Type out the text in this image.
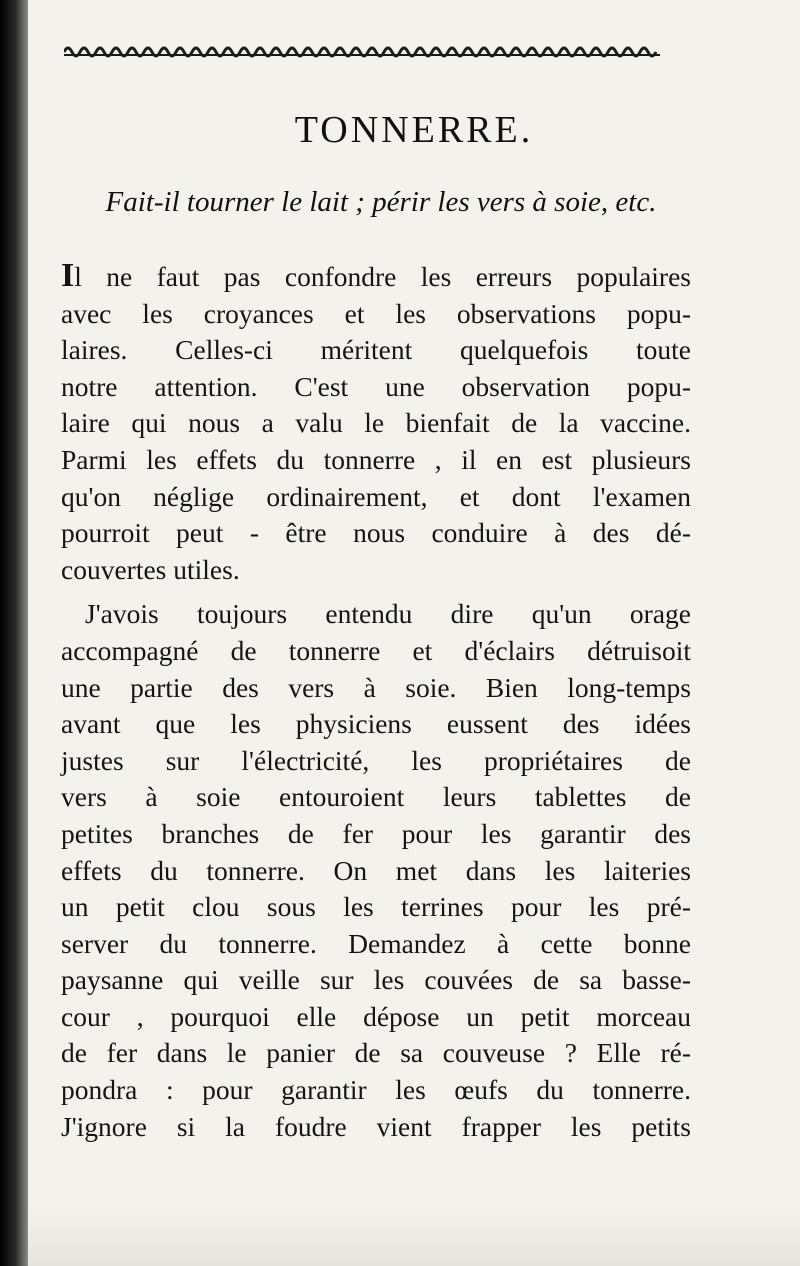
TONNERRE.
Fait-il tourner le lait ; périr les vers à soie, etc.
Il ne faut pas confondre les erreurs populaires
avec les croyances et les observations popu-
laires. Celles-ci méritent quelquefois toute
notre attention. C'est une observation popu-
laire qui nous a valu le bienfait de la vaccine.
Parmi les effets du tonnerre , il en est plusieurs
qu'on néglige ordinairement, et dont l'examen
pourroit peut - être nous conduire à des dé-
couvertes utiles.
J'avois toujours entendu dire qu'un orage
accompagné de tonnerre et d'éclairs détruisoit
une partie des vers à soie. Bien long-temps
avant que les physiciens eussent des idées
justes sur l'électricité, les propriétaires de
vers à soie entouroient leurs tablettes de
petites branches de fer pour les garantir des
effets du tonnerre. On met dans les laiteries
un petit clou sous les terrines pour les pré-
server du tonnerre. Demandez à cette bonne
paysanne qui veille sur les couvées de sa basse-
cour , pourquoi elle dépose un petit morceau
de fer dans le panier de sa couveuse ? Elle ré-
pondra : pour garantir les œufs du tonnerre.
J'ignore si la foudre vient frapper les petits
